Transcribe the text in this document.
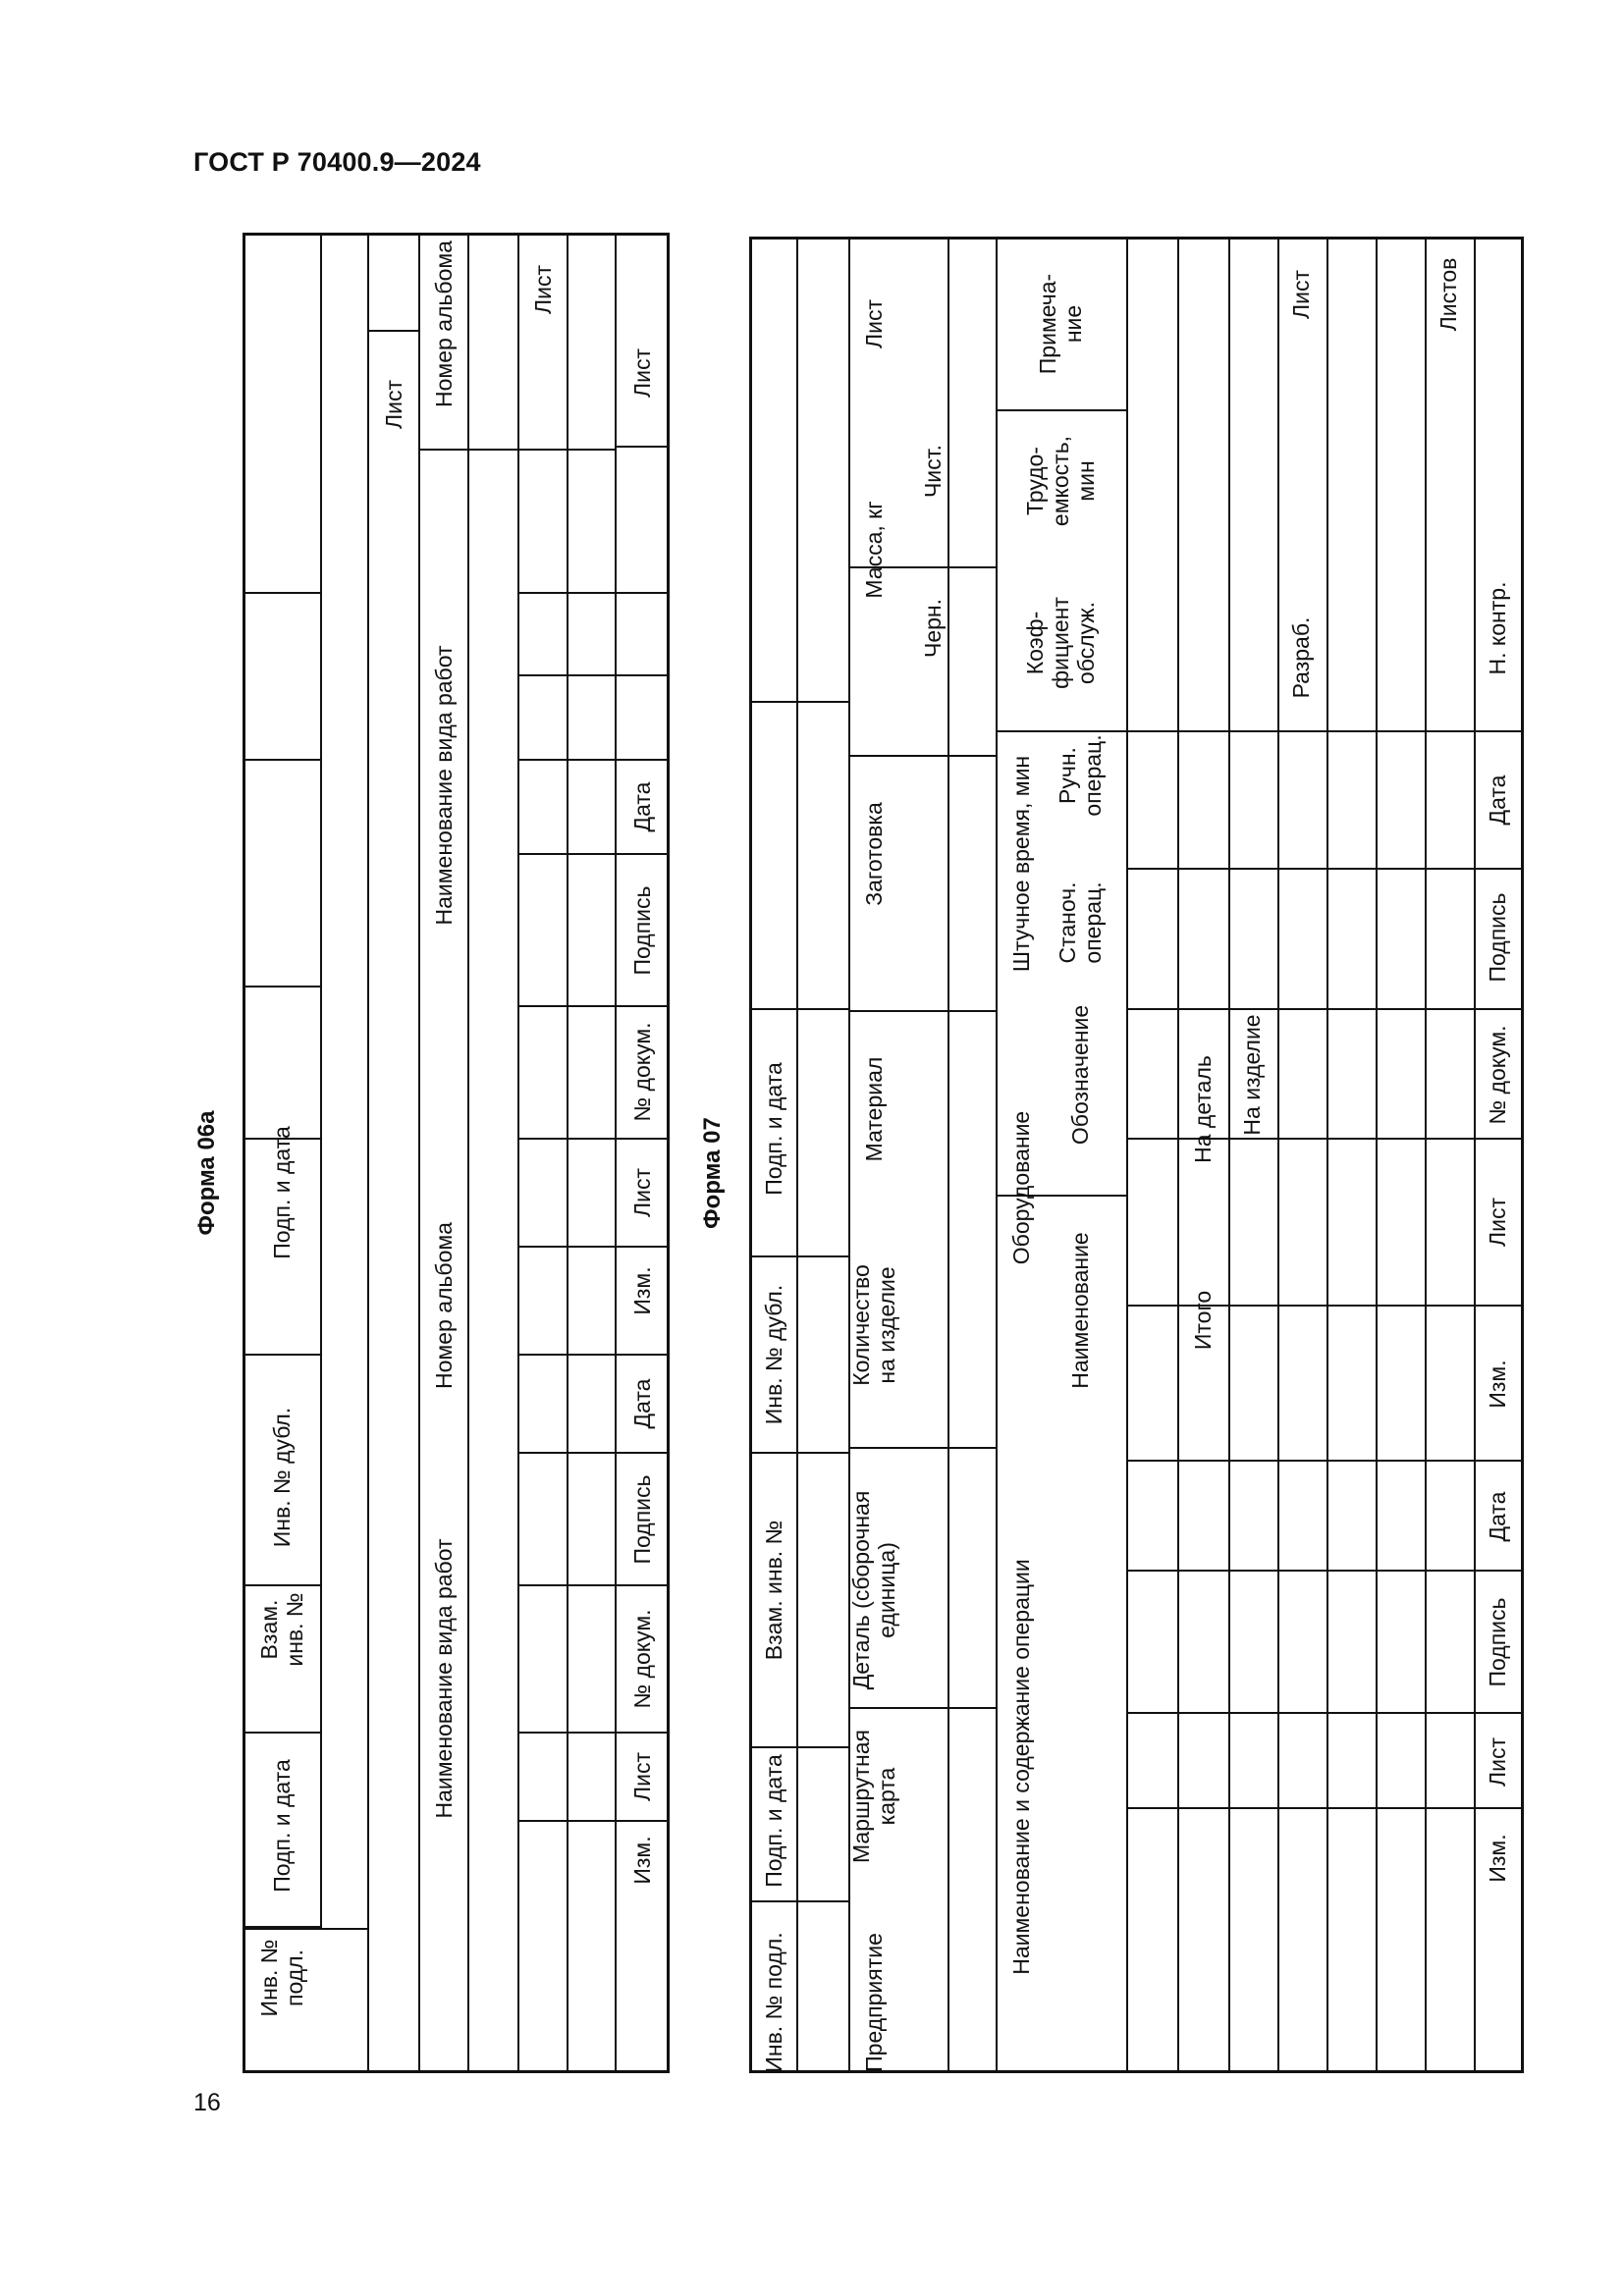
ГОСТ Р 70400.9—2024
16
Форма 06а
Инв. №
подл.
Подп. и дата
Взам.
инв. №
Инв. № дубл.
Подп. и дата
Лист Номер альбома
Номер альбома
Наименование вида работ
Наименование вида работ
Лист
Изм.
Лист
№ докум.
Подпись
Дата
Изм.
Лист
№ докум.
Подпись
Дата
Лист
Форма 07
Инв. № подл.
Подп. и дата
Взам. инв. №
Инв. № дубл.
Подп. и дата
Предприятие
Маршрутная
карта
Деталь (сборочная
единица)
Количество
на изделие
Материал
Заготовка
Масса, кг
Черн.
Чист.
Лист
Наименование и содержание операции
Оборудование
Наименование
Обозначение
Штучное время, мин Станоч.
операц.
Ручн.
операц.
Коэф-
фициент
обслуж.
Трудо-
емкость,
мин
Примеча-
ние
Итого
На деталь На изделие
Разраб.
Лист	Листов
Н. контр.
Изм.
Лист
Подпись
Дата
Изм.
Лист
№ докум.
Подпись
Дата
